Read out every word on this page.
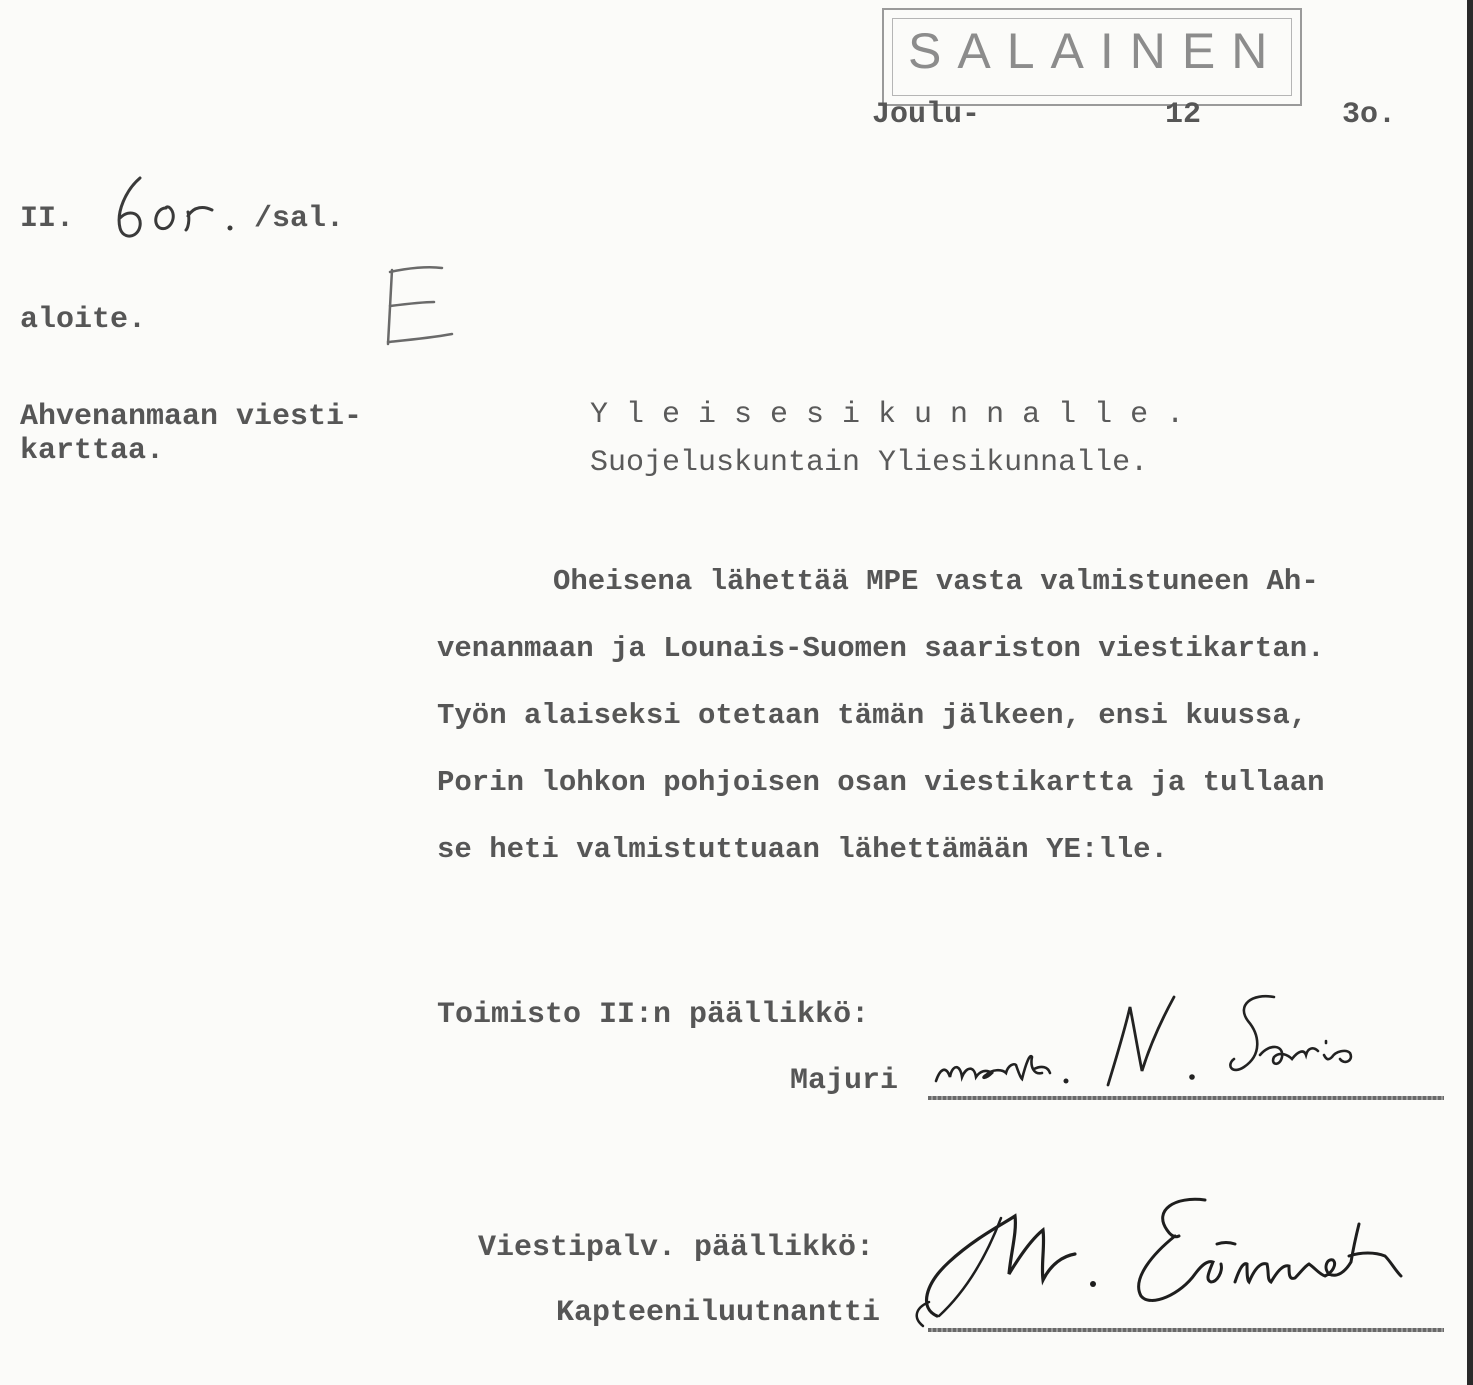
SALAINEN
Joulu-	12	3o.
II.	/sal.
aloite.
Ahvenanmaan viesti-
karttaa.
Y l e i s e s i k u n n a l l e .
Suojeluskuntain Yliesikunnalle.
Oheisena lähettää MPE vasta valmistuneen Ah-
venanmaan ja Lounais-Suomen saariston viestikartan.
Työn alaiseksi otetaan tämän jälkeen, ensi kuussa,
Porin lohkon pohjoisen osan viestikartta ja tullaan
se heti valmistuttuaan lähettämään YE:lle.
Toimisto II:n päällikkö:
Majuri
Viestipalv. päällikkö:
Kapteeniluutnantti
